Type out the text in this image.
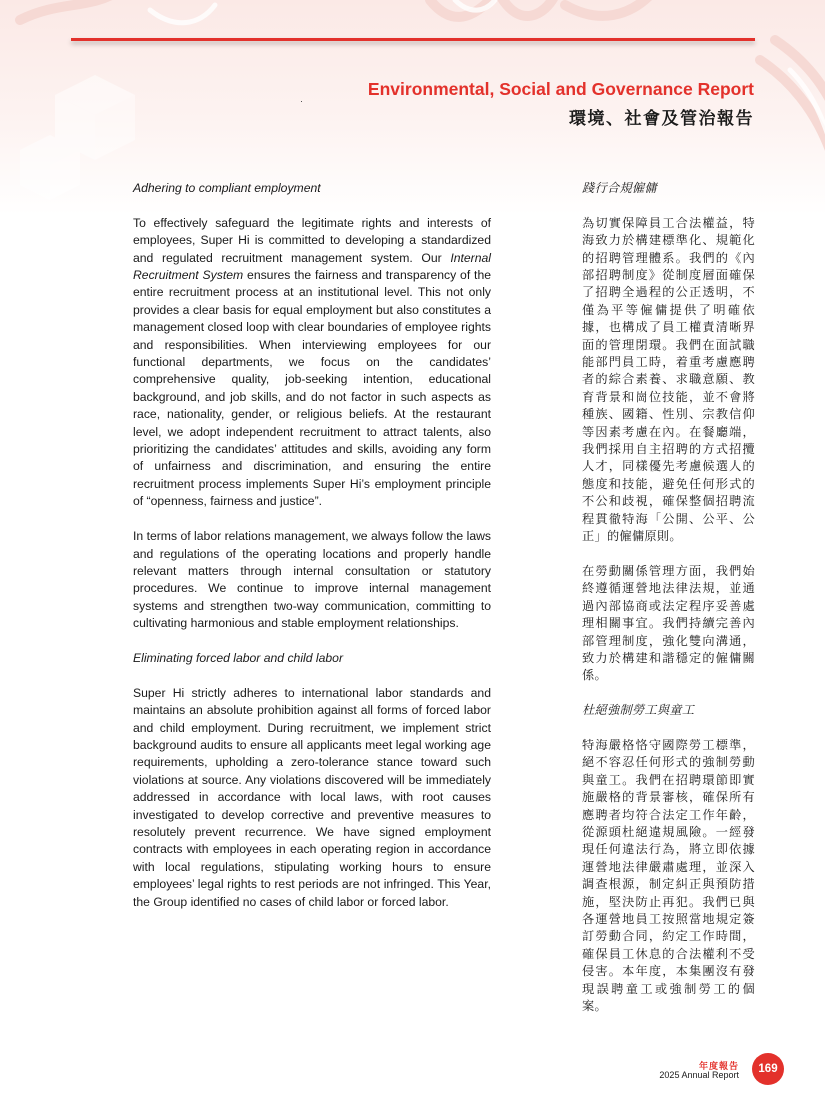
Environmental, Social and Governance Report
環境、社會及管治報告

Adhering to compliant employment

To effectively safeguard the legitimate rights and interests of employees, Super Hi is committed to developing a standardized and regulated recruitment management system. Our Internal Recruitment System ensures the fairness and transparency of the entire recruitment process at an institutional level. This not only provides a clear basis for equal employment but also constitutes a management closed loop with clear boundaries of employee rights and responsibilities. When interviewing employees for our functional departments, we focus on the candidates’ comprehensive quality, job-seeking intention, educational background, and job skills, and do not factor in such aspects as race, nationality, gender, or religious beliefs. At the restaurant level, we adopt independent recruitment to attract talents, also prioritizing the candidates’ attitudes and skills, avoiding any form of unfairness and discrimination, and ensuring the entire recruitment process implements Super Hi’s employment principle of “openness, fairness and justice”.

In terms of labor relations management, we always follow the laws and regulations of the operating locations and properly handle relevant matters through internal consultation or statutory procedures. We continue to improve internal management systems and strengthen two-way communication, committing to cultivating harmonious and stable employment relationships.

Eliminating forced labor and child labor

Super Hi strictly adheres to international labor standards and maintains an absolute prohibition against all forms of forced labor and child employment. During recruitment, we implement strict background audits to ensure all applicants meet legal working age requirements, upholding a zero-tolerance stance toward such violations at source. Any violations discovered will be immediately addressed in accordance with local laws, with root causes investigated to develop corrective and preventive measures to resolutely prevent recurrence. We have signed employment contracts with employees in each operating region in accordance with local regulations, stipulating working hours to ensure employees’ legal rights to rest periods are not infringed. This Year, the Group identified no cases of child labor or forced labor.

踐行合規僱傭

為切實保障員工合法權益，特海致力於構建標準化、規範化的招聘管理體系。我們的《內部招聘制度》從制度層面確保了招聘全過程的公正透明，不僅為平等僱傭提供了明確依據，也構成了員工權責清晰界面的管理閉環。我們在面試職能部門員工時，着重考慮應聘者的綜合素養、求職意願、教育背景和崗位技能，並不會將種族、國籍、性別、宗教信仰等因素考慮在內。在餐廳端，我們採用自主招聘的方式招攬人才，同樣優先考慮候選人的態度和技能，避免任何形式的不公和歧視，確保整個招聘流程貫徹特海「公開、公平、公正」的僱傭原則。

在勞動關係管理方面，我們始終遵循運營地法律法規，並通過內部協商或法定程序妥善處理相關事宜。我們持續完善內部管理制度，強化雙向溝通，致力於構建和諧穩定的僱傭關係。

杜絕強制勞工與童工

特海嚴格恪守國際勞工標準，絕不容忍任何形式的強制勞動與童工。我們在招聘環節即實施嚴格的背景審核，確保所有應聘者均符合法定工作年齡，從源頭杜絕違規風險。一經發現任何違法行為，將立即依據運營地法律嚴肅處理，並深入調查根源，制定糾正與預防措施，堅決防止再犯。我們已與各運營地員工按照當地規定簽訂勞動合同，約定工作時間，確保員工休息的合法權利不受侵害。本年度，本集團沒有發現誤聘童工或強制勞工的個案。

年度報告
2025 Annual Report	169
